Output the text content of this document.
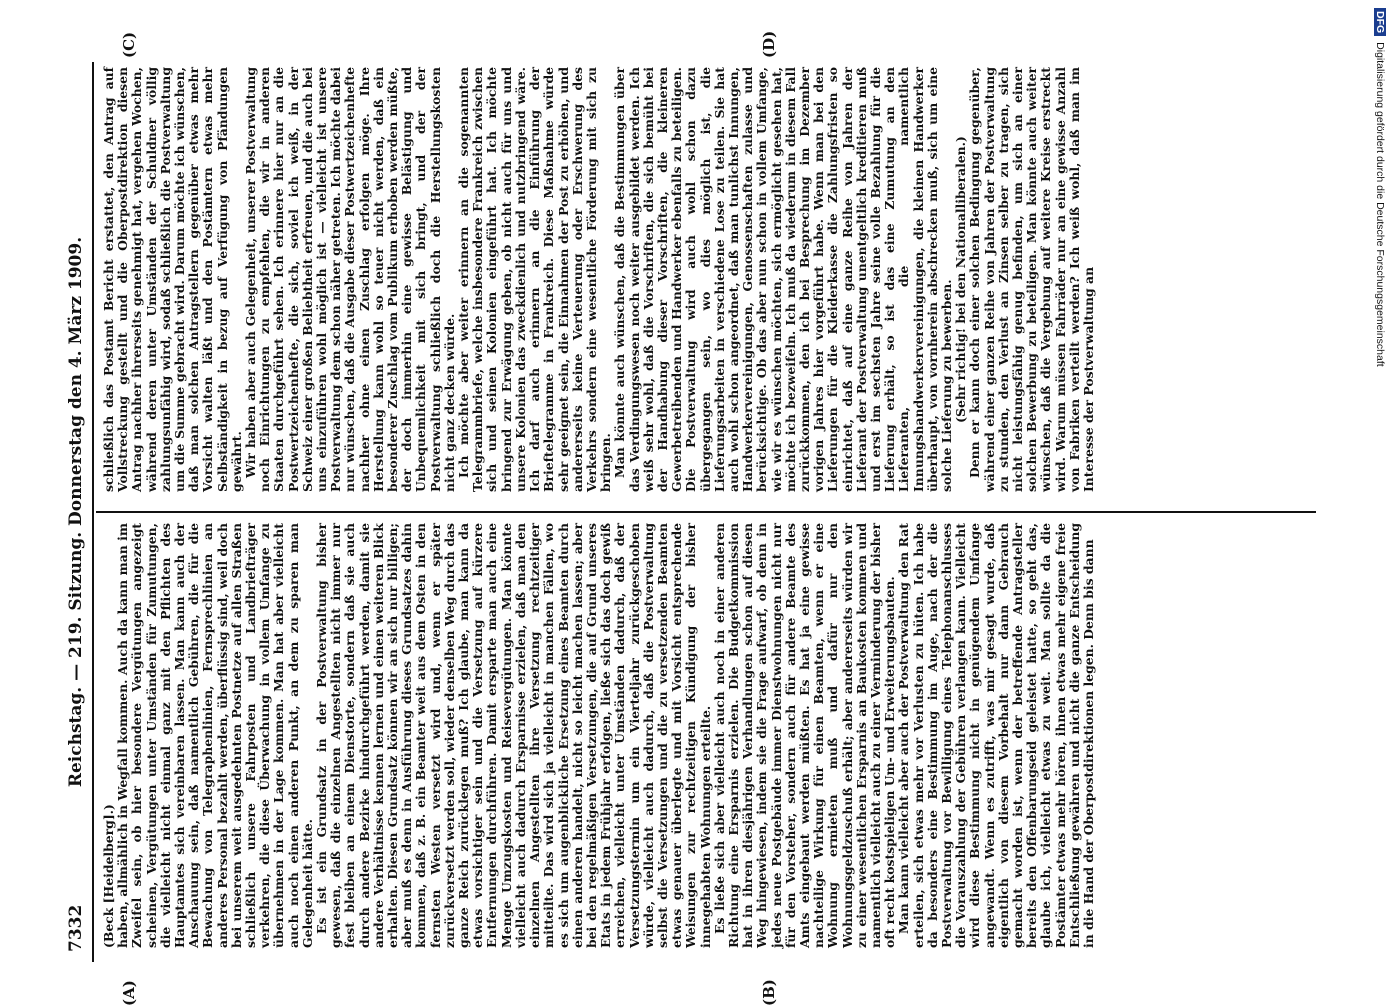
7332
Reichstag. — 219. Sitzung. Donnerstag den 4. März 1909.
(A)	(B)
(C)	(D)

(Beck [Heidelberg].) haben, allmählich in Wegfall kommen. Auch da kann man im Zweifel sein, ob hier besondere Vergütungen angezeigt scheinen, Vergütungen unter Umständen für Zumutungen, die vielleicht nicht einmal ganz mit den Pflichten des Hauptamtes sich vereinbaren lassen. Man kann auch der Anschauung sein, daß namentlich Gebühren, die für die Bewachung von Telegraphenlinien, Fernsprechlinien an anderes Personal bezahlt werden, überflüssig sind, weil doch bei unserem weit ausgedehnten Postnetze auf allen Straßen schließlich unsere Fahrposten und Landbriefträger verkehren, die diese Überwachung in vollem Umfange zu übernehmen in der Lage kommen. Man hat aber vielleicht auch noch einen anderen Punkt, an dem zu sparen man Gelegenheit hätte. Es ist ein Grundsatz in der Postverwaltung bisher gewesen, daß die einzelnen Angestellten nicht immer nur fest bleiben an einem Dienstorte, sondern daß sie auch durch andere Bezirke hindurchgeführt werden, damit sie andere Verhältnisse kennen lernen und einen weiteren Blick erhalten. Diesen Grundsatz können wir an sich nur billigen; aber muß es denn in Ausführung dieses Grundsatzes dahin kommen, daß z. B. ein Beamter weit aus dem Osten in den fernsten Westen versetzt wird und, wenn er später zurückversetzt werden soll, wieder denselben Weg durch das ganze Reich zurücklegen muß? Ich glaube, man kann da etwas vorsichtiger sein und die Versetzung auf kürzere Entfernungen durchführen. Damit ersparte man auch eine Menge Umzugskosten und Reisevergütungen. Man könnte vielleicht auch dadurch Ersparnisse erzielen, daß man den einzelnen Angestellten ihre Versetzung rechtzeitiger mitteilte. Das wird sich ja vielleicht in manchen Fällen, wo es sich um augenblickliche Ersetzung eines Beamten durch einen anderen handelt, nicht so leicht machen lassen; aber bei den regelmäßigen Versetzungen, die auf Grund unseres Etats in jedem Frühjahr erfolgen, ließe sich das doch gewiß erreichen, vielleicht unter Umständen dadurch, daß der Versetzungstermin um ein Vierteljahr zurückgeschoben würde, vielleicht auch dadurch, daß die Postverwaltung selbst die Versetzungen und die zu versetzenden Beamten etwas genauer überlegte und mit Vorsicht entsprechende Weisungen zur rechtzeitigen Kündigung der bisher innegehabten Wohnungen erteilte. Es ließe sich aber vielleicht auch noch in einer anderen Richtung eine Ersparnis erzielen. Die Budgetkommission hat in ihren diesjährigen Verhandlungen schon auf diesen Weg hingewiesen, indem sie die Frage aufwarf, ob denn in jedes neue Postgebäude immer Dienstwohnungen nicht nur für den Vorsteher, sondern auch für andere Beamte des Amts eingebaut werden müßten. Es hat ja eine gewisse nachteilige Wirkung für einen Beamten, wenn er eine Wohnung ermieten muß und dafür nur den Wohnungsgeldzuschuß erhält; aber andererseits würden wir zu einer wesentlichen Ersparnis an Baukosten kommen und namentlich vielleicht auch zu einer Verminderung der bisher oft recht kostspieligen Um- und Erweiterungsbauten. Man kann vielleicht aber auch der Postverwaltung den Rat erteilen, sich etwas mehr vor Verlusten zu hüten. Ich habe da besonders eine Bestimmung im Auge, nach der die Postverwaltung vor Bewilligung eines Telephonanschlusses die Vorauszahlung der Gebühren verlangen kann. Vielleicht wird diese Bestimmung nicht in genügendem Umfange angewandt. Wenn es zutrifft, was mir gesagt wurde, daß eigentlich von diesem Vorbehalt nur dann Gebrauch gemacht worden ist, wenn der betreffende Antragsteller bereits den Offenbarungseid geleistet hatte, so geht das, glaube ich, vielleicht etwas zu weit. Man sollte da die Postämter etwas mehr hören, ihnen etwas mehr eigene freie Entschließung gewähren und nicht die ganze Entscheidung in die Hand der Oberpostdirektionen legen. Denn bis dann

schließlich das Postamt Bericht erstattet, den Antrag auf Vollstreckung gestellt und die Oberpostdirektion diesen Antrag nachher ihrerseits genehmigt hat, vergehen Wochen, während deren unter Umständen der Schuldner völlig zahlungsunfähig wird, sodaß schließlich die Postverwaltung um die Summe gebracht wird. Darum möchte ich wünschen, daß man solchen Antragstellern gegenüber etwas mehr Vorsicht walten läßt und den Postämtern etwas mehr Selbständigkeit in bezug auf Verfügung von Pfändungen gewährt. Wir haben aber auch Gelegenheit, unserer Postverwaltung noch Einrichtungen zu empfehlen, die wir in anderen Staaten durchgeführt sehen. Ich erinnere hier nur an die Postwertzeichenhefte, die sich, soviel ich weiß, in der Schweiz einer großen Beliebtheit erfreuen, und die auch bei uns einzuführen wohl möglich ist — vielleicht ist unsere Postverwaltung dem schon näher getreten. Ich möchte dabei nur wünschen, daß die Ausgabe dieser Postwertzeichenhefte nachher ohne einen Zuschlag erfolgen möge. Ihre Herstellung kann wohl so teuer nicht werden, daß ein besonderer Zuschlag vom Publikum erhoben werden müßte, der doch immerhin eine gewisse Belästigung und Unbequemlichkeit mit sich bringt, und der der Postverwaltung schließlich doch die Herstellungskosten nicht ganz decken würde. Ich möchte aber weiter erinnern an die sogenannten Telegrammbriefe, welche insbesondere Frankreich zwischen sich und seinen Kolonien eingeführt hat. Ich möchte bringend zur Erwägung geben, ob nicht auch für uns und unsere Kolonien das zweckdienlich und nutzbringend wäre. Ich darf auch erinnern an die Einführung der Brieftelegramme in Frankreich. Diese Maßnahme würde sehr geeignet sein, die Einnahmen der Post zu erhöhen, und andererseits keine Verteuerung oder Erschwerung des Verkehrs sondern eine wesentliche Förderung mit sich zu bringen. Man könnte auch wünschen, daß die Bestimmungen über das Verdingungswesen noch weiter ausgebildet werden. Ich weiß sehr wohl, daß die Vorschriften, die sich bemüht bei der Handhabung dieser Vorschriften, die kleineren Gewerbetreibenden und Handwerker ebenfalls zu beteiligen. Die Postverwaltung wird auch wohl schon dazu übergegangen sein, wo dies möglich ist, die Lieferungsarbeiten in verschiedene Lose zu teilen. Sie hat auch wohl schon angeordnet, daß man tunlichst Innungen, Handwerkervereinigungen, Genossenschaften zulasse und berücksichtige. Ob das aber nun schon in vollem Umfange, wie wir es wünschen möchten, sich ermöglicht gesehen hat, möchte ich bezweifeln. Ich muß da wiederum in diesem Fall zurückkommen, den ich bei Besprechung im Dezember vorigen Jahres hier vorgeführt habe. Wenn man bei den Lieferungen für die Kleiderkasse die Zahlungsfristen so einrichtet, daß auf eine ganze Reihe von Jahren der Lieferant der Postverwaltung unentgeltlich kreditieren muß und erst im sechsten Jahre seine volle Bezahlung für die Lieferung erhält, so ist das eine Zumutung an den Lieferanten, die namentlich Innungshandwerkervereinigungen, die kleinen Handwerker überhaupt, von vornherein abschrecken muß, sich um eine solche Lieferung zu bewerben. (Sehr richtig! bei den Nationalliberalen.) Denn er kann doch einer solchen Bedingung gegenüber, während einer ganzen Reihe von Jahren der Postverwaltung zu stunden, den Verlust an Zinsen selber zu tragen, sich nicht leistungsfähig genug befinden, um sich an einer solchen Bewerbung zu beteiligen. Man könnte auch weiter wünschen, daß die Vergebung auf weitere Kreise erstreckt wird. Warum müssen Fahrräder nur an eine gewisse Anzahl von Fabriken verteilt werden? Ich weiß wohl, daß man im Interesse der Postverwaltung an

DFGDigitalisierung gefördert durch die Deutsche Forschungsgemeinschaft
